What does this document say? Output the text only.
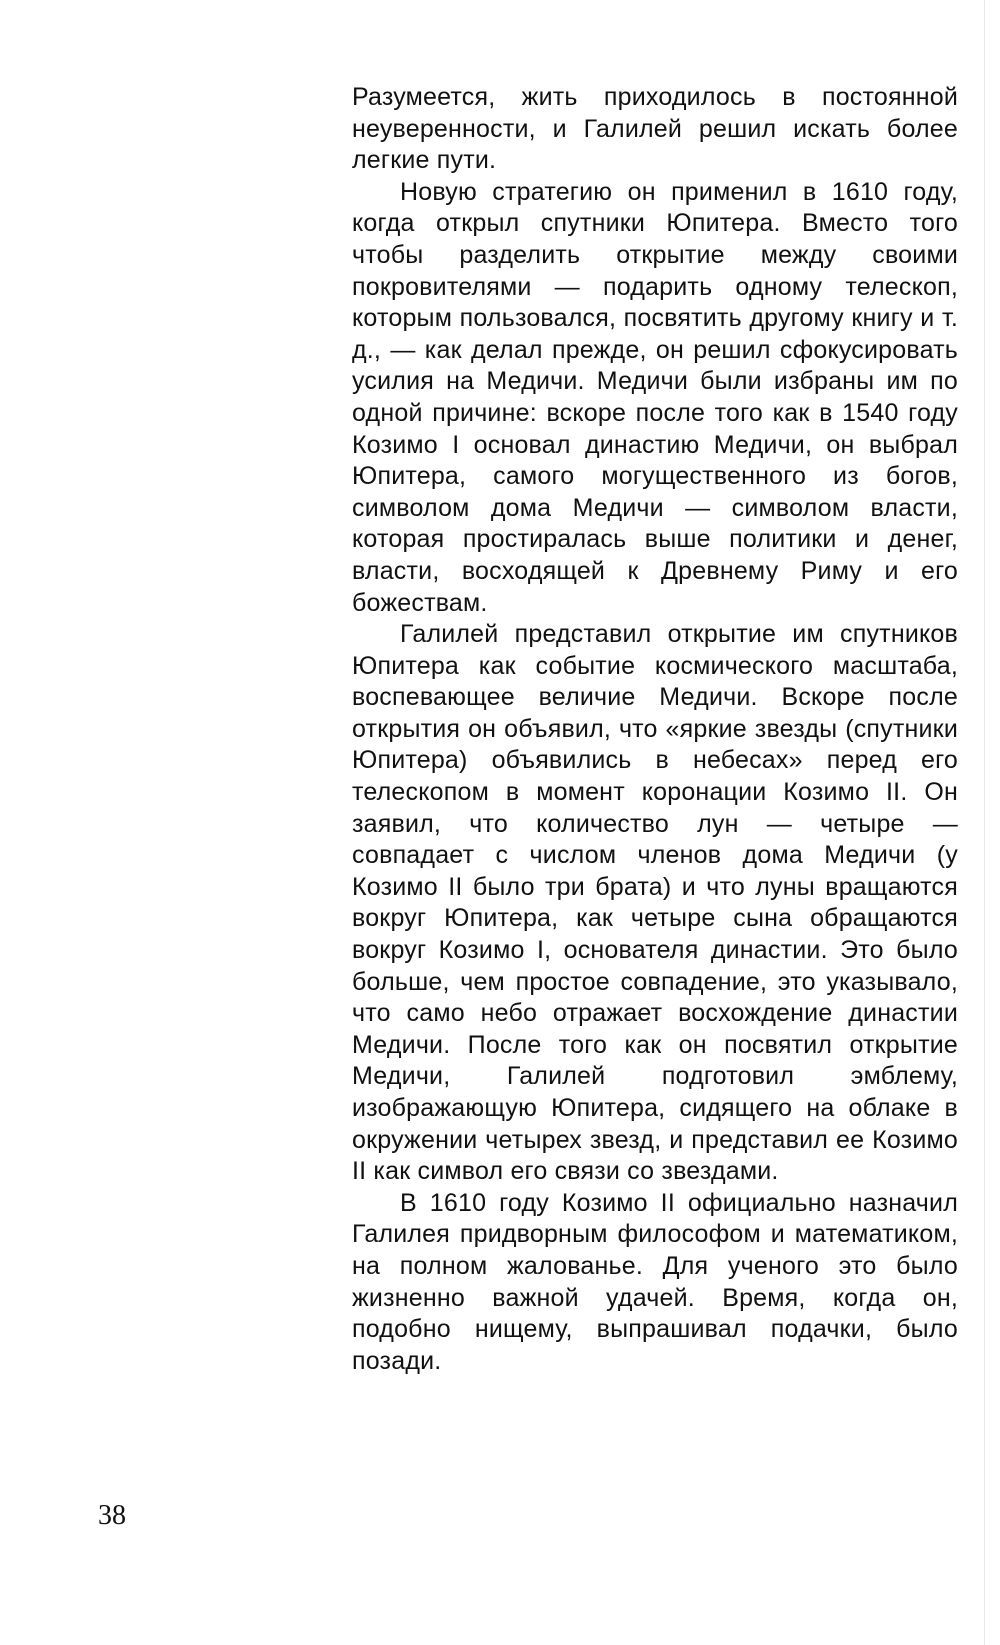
Разумеется, жить приходилось в постоянной неуверенности, и Галилей решил искать более легкие пути.

Новую стратегию он применил в 1610 году, когда открыл спутники Юпитера. Вместо того чтобы разделить открытие между своими покровителями — подарить одному телескоп, которым пользовался, посвятить другому книгу и т. д., — как делал прежде, он решил сфокусировать усилия на Медичи. Медичи были избраны им по одной причине: вскоре после того как в 1540 году Козимо I основал династию Медичи, он выбрал Юпитера, самого могущественного из богов, символом дома Медичи — символом власти, которая простиралась выше политики и денег, власти, восходящей к Древнему Риму и его божествам.

Галилей представил открытие им спутников Юпитера как событие космического масштаба, воспевающее величие Медичи. Вскоре после открытия он объявил, что «яркие звезды (спутники Юпитера) объявились в небесах» перед его телескопом в момент коронации Козимо II. Он заявил, что количество лун — четыре — совпадает с числом членов дома Медичи (у Козимо II было три брата) и что луны вращаются вокруг Юпитера, как четыре сына обращаются вокруг Козимо I, основателя династии. Это было больше, чем простое совпадение, это указывало, что само небо отражает восхождение династии Медичи. После того как он посвятил открытие Медичи, Галилей подготовил эмблему, изображающую Юпитера, сидящего на облаке в окружении четырех звезд, и представил ее Козимо II как символ его связи со звездами.

В 1610 году Козимо II официально назначил Галилея придворным философом и математиком, на полном жалованье. Для ученого это было жизненно важной удачей. Время, когда он, подобно нищему, выпрашивал подачки, было позади.

38
